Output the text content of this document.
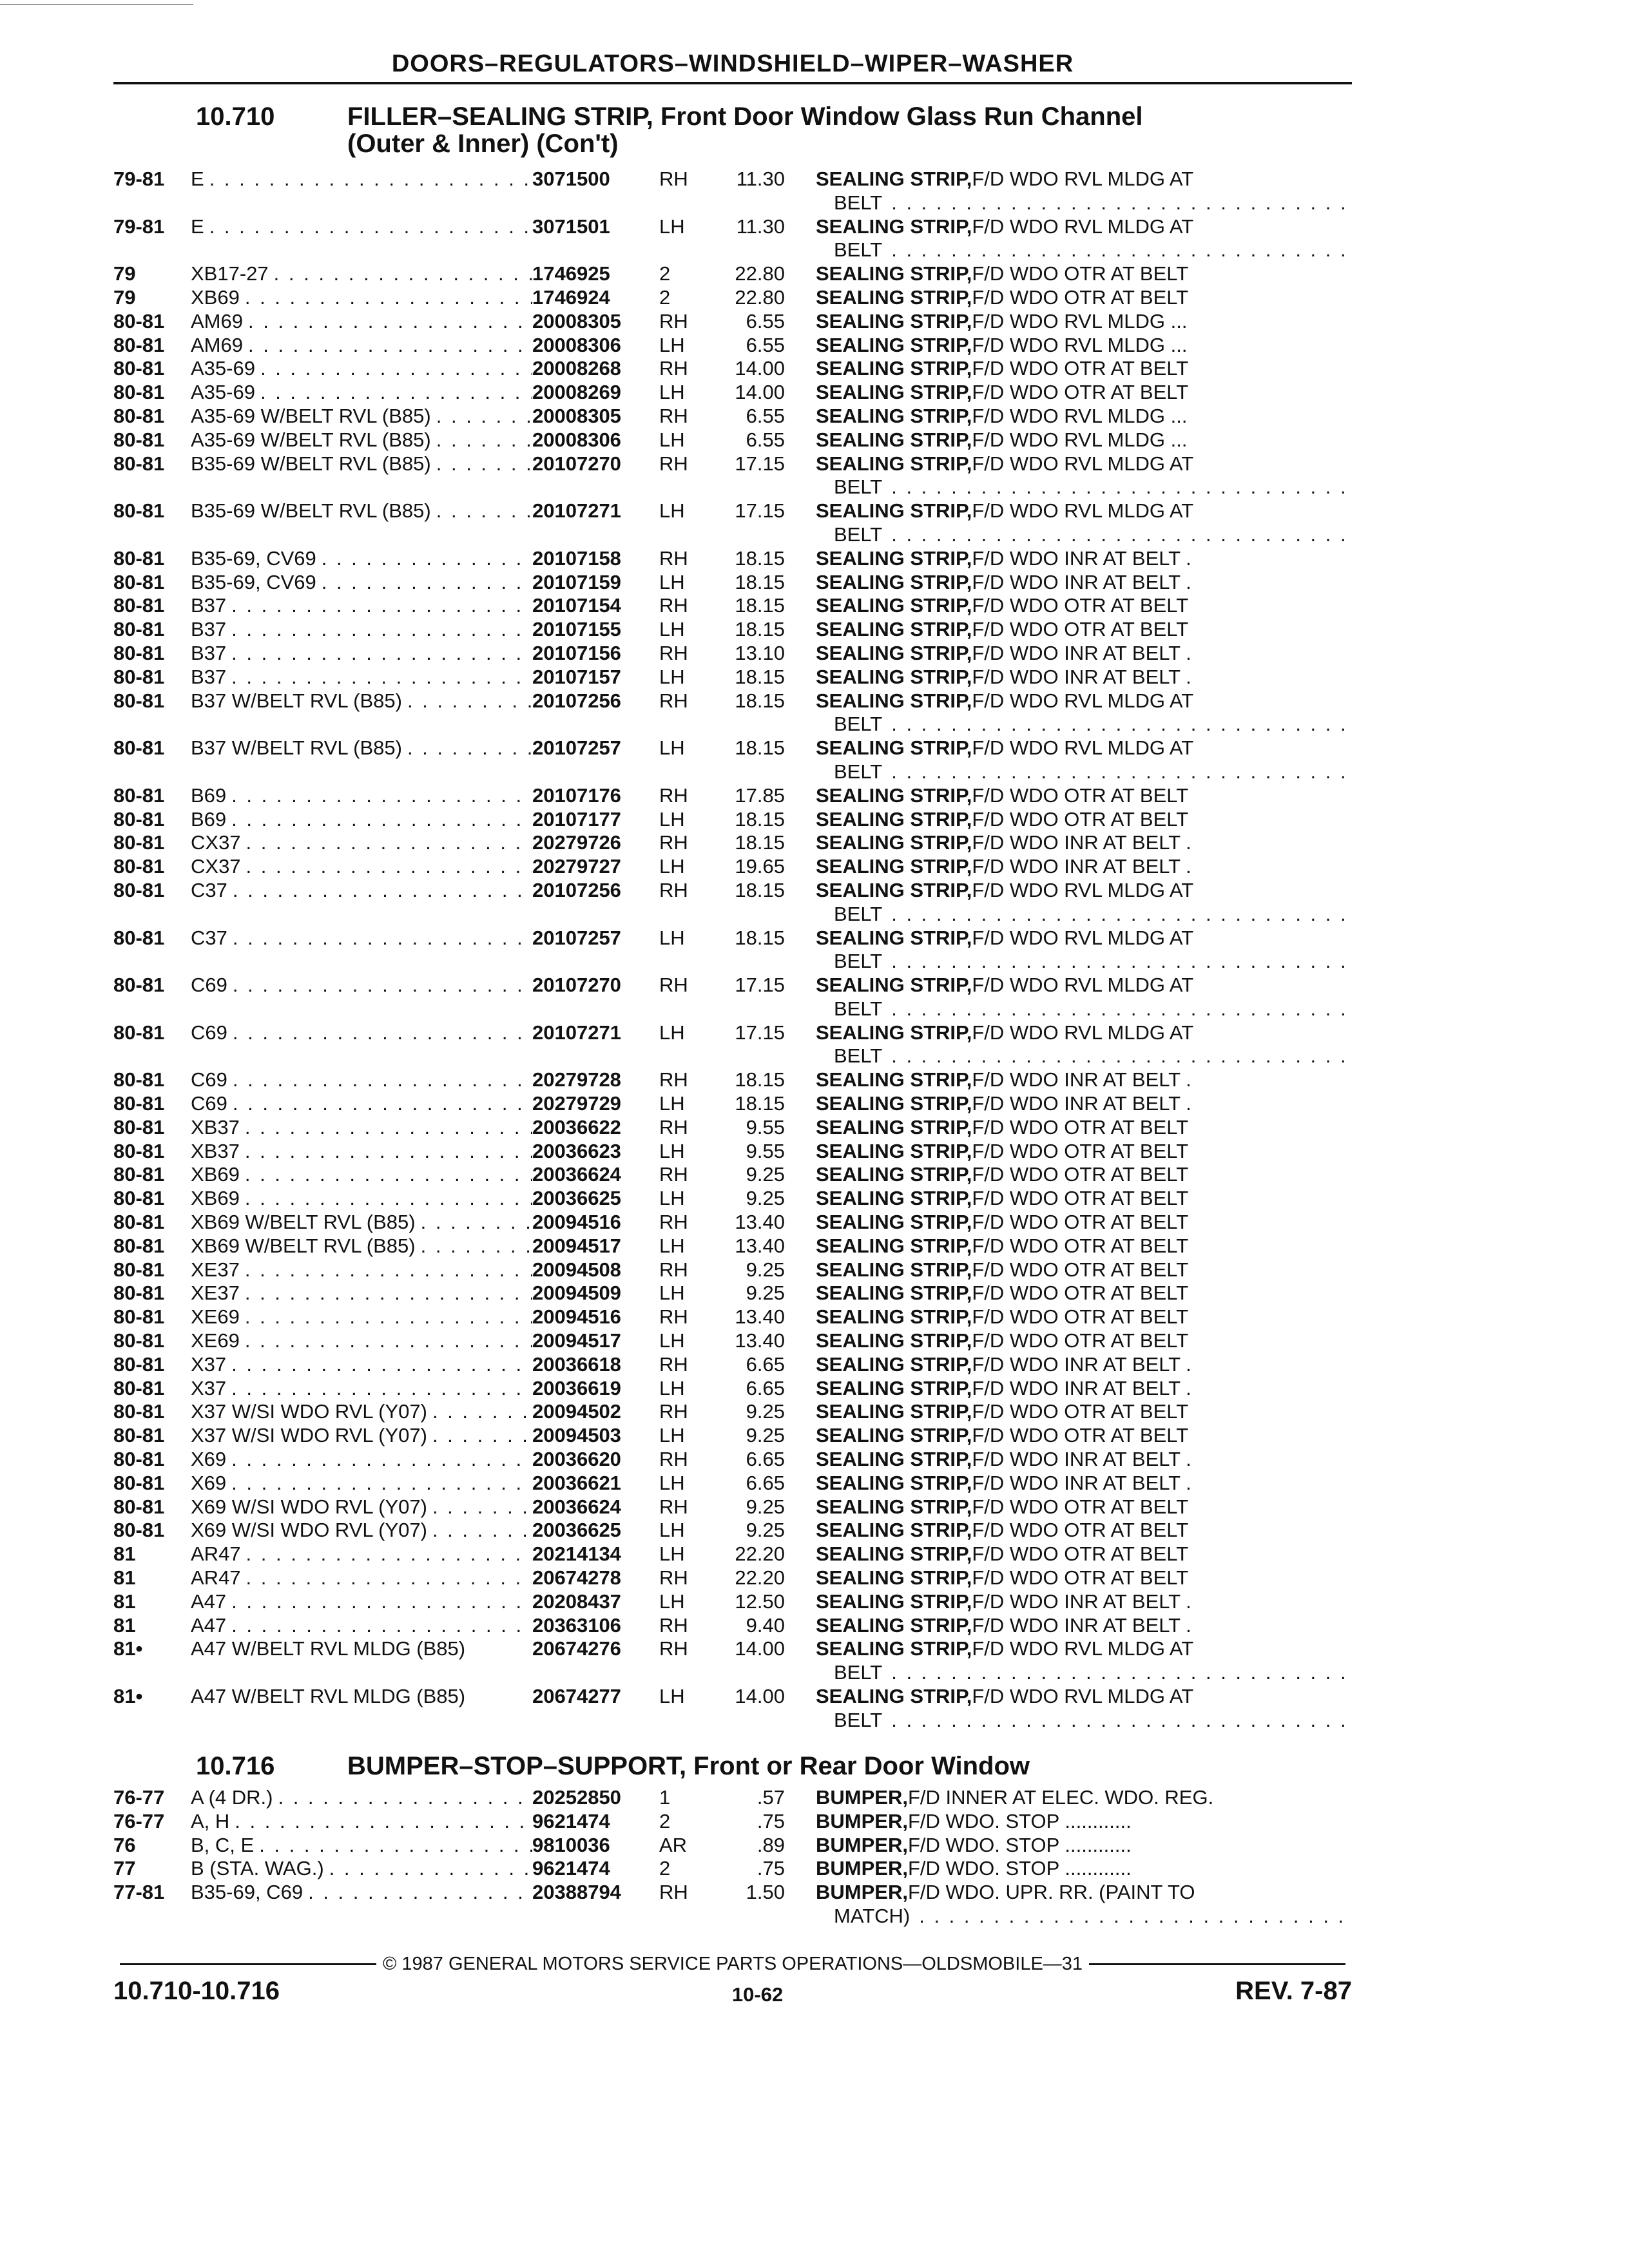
DOORS–REGULATORS–WINDSHIELD–WIPER–WASHER
10.710	FILLER–SEALING STRIP, Front Door Window Glass Run Channel
(Outer & Inner) (Con't)
79-81	E . . .	3071500	RH	11.30 SEALING STRIP, F/D WDO RVL MLDG AT
BELT
. . .
79-81	E . . .	3071501	LH	11.30 SEALING STRIP, F/D WDO RVL MLDG AT
BELT
. . .
79	XB17-27 . . .	1746925	2	22.80 SEALING STRIP, F/D WDO OTR AT BELT
79	XB69 . . .	1746924	2	22.80 SEALING STRIP, F/D WDO OTR AT BELT
80-81	AM69 . . .	20008305	RH	6.55 SEALING STRIP, F/D WDO RVL MLDG ...
80-81	AM69 . . .	20008306	LH	6.55 SEALING STRIP, F/D WDO RVL MLDG ...
80-81	A35-69 . . .	20008268	RH	14.00 SEALING STRIP, F/D WDO OTR AT BELT
80-81	A35-69 . . .	20008269	LH	14.00 SEALING STRIP, F/D WDO OTR AT BELT
80-81	A35-69 W/BELT RVL (B85) . . .	20008305	RH	6.55 SEALING STRIP, F/D WDO RVL MLDG ...
80-81	A35-69 W/BELT RVL (B85) . . .	20008306	LH	6.55 SEALING STRIP, F/D WDO RVL MLDG ...
80-81	B35-69 W/BELT RVL (B85) . . .	20107270	RH	17.15 SEALING STRIP, F/D WDO RVL MLDG AT
BELT
. . .
80-81	B35-69 W/BELT RVL (B85) . . .	20107271	LH	17.15 SEALING STRIP, F/D WDO RVL MLDG AT
BELT
. . .
80-81	B35-69, CV69 . . .	20107158	RH	18.15 SEALING STRIP, F/D WDO INR AT BELT .
80-81	B35-69, CV69 . . .	20107159	LH	18.15 SEALING STRIP, F/D WDO INR AT BELT .
80-81	B37 . . .	20107154	RH	18.15 SEALING STRIP, F/D WDO OTR AT BELT
80-81	B37 . . .	20107155	LH	18.15 SEALING STRIP, F/D WDO OTR AT BELT
80-81	B37 . . .	20107156	RH	13.10 SEALING STRIP, F/D WDO INR AT BELT .
80-81	B37 . . .	20107157	LH	18.15 SEALING STRIP, F/D WDO INR AT BELT .
80-81	B37 W/BELT RVL (B85) . . .	20107256	RH	18.15 SEALING STRIP, F/D WDO RVL MLDG AT
BELT
. . .
80-81	B37 W/BELT RVL (B85) . . .	20107257	LH	18.15 SEALING STRIP, F/D WDO RVL MLDG AT
BELT
. . .
80-81	B69 . . .	20107176	RH	17.85 SEALING STRIP, F/D WDO OTR AT BELT
80-81	B69 . . .	20107177	LH	18.15 SEALING STRIP, F/D WDO OTR AT BELT
80-81	CX37 . . .	20279726	RH	18.15 SEALING STRIP, F/D WDO INR AT BELT .
80-81	CX37 . . .	20279727	LH	19.65 SEALING STRIP, F/D WDO INR AT BELT .
80-81	C37 . . .	20107256	RH	18.15 SEALING STRIP, F/D WDO RVL MLDG AT
BELT
. . .
80-81	C37 . . .	20107257	LH	18.15 SEALING STRIP, F/D WDO RVL MLDG AT
BELT
. . .
80-81	C69 . . .	20107270	RH	17.15 SEALING STRIP, F/D WDO RVL MLDG AT
BELT
. . .
80-81	C69 . . .	20107271	LH	17.15 SEALING STRIP, F/D WDO RVL MLDG AT
BELT
. . .
80-81	C69 . . .	20279728	RH	18.15 SEALING STRIP, F/D WDO INR AT BELT .
80-81	C69 . . .	20279729	LH	18.15 SEALING STRIP, F/D WDO INR AT BELT .
80-81	XB37 . . .	20036622	RH	9.55 SEALING STRIP, F/D WDO OTR AT BELT
80-81	XB37 . . .	20036623	LH	9.55 SEALING STRIP, F/D WDO OTR AT BELT
80-81	XB69 . . .	20036624	RH	9.25 SEALING STRIP, F/D WDO OTR AT BELT
80-81	XB69 . . .	20036625	LH	9.25 SEALING STRIP, F/D WDO OTR AT BELT
80-81	XB69 W/BELT RVL (B85) . . .	20094516	RH	13.40 SEALING STRIP, F/D WDO OTR AT BELT
80-81	XB69 W/BELT RVL (B85) . . .	20094517	LH	13.40 SEALING STRIP, F/D WDO OTR AT BELT
80-81	XE37 . . .	20094508	RH	9.25 SEALING STRIP, F/D WDO OTR AT BELT
80-81	XE37 . . .	20094509	LH	9.25 SEALING STRIP, F/D WDO OTR AT BELT
80-81	XE69 . . .	20094516	RH	13.40 SEALING STRIP, F/D WDO OTR AT BELT
80-81	XE69 . . .	20094517	LH	13.40 SEALING STRIP, F/D WDO OTR AT BELT
80-81	X37 . . .	20036618	RH	6.65 SEALING STRIP, F/D WDO INR AT BELT .
80-81	X37 . . .	20036619	LH	6.65 SEALING STRIP, F/D WDO INR AT BELT .
80-81	X37 W/SI WDO RVL (Y07) . . .	20094502	RH	9.25 SEALING STRIP, F/D WDO OTR AT BELT
80-81	X37 W/SI WDO RVL (Y07) . . .	20094503	LH	9.25 SEALING STRIP, F/D WDO OTR AT BELT
80-81	X69 . . .	20036620	RH	6.65 SEALING STRIP, F/D WDO INR AT BELT .
80-81	X69 . . .	20036621	LH	6.65 SEALING STRIP, F/D WDO INR AT BELT .
80-81	X69 W/SI WDO RVL (Y07) . . .	20036624	RH	9.25 SEALING STRIP, F/D WDO OTR AT BELT
80-81	X69 W/SI WDO RVL (Y07) . . .	20036625	LH	9.25 SEALING STRIP, F/D WDO OTR AT BELT
81	AR47 . . .	20214134	LH	22.20 SEALING STRIP, F/D WDO OTR AT BELT
81	AR47 . . .	20674278	RH	22.20 SEALING STRIP, F/D WDO OTR AT BELT
81	A47 . . .	20208437	LH	12.50 SEALING STRIP, F/D WDO INR AT BELT .
81	A47 . . .	20363106	RH	9.40 SEALING STRIP, F/D WDO INR AT BELT .
81•	A47 W/BELT RVL MLDG (B85)	20674276	RH	14.00 SEALING STRIP, F/D WDO RVL MLDG AT
BELT
. . .
81•	A47 W/BELT RVL MLDG (B85)	20674277	LH	14.00 SEALING STRIP, F/D WDO RVL MLDG AT
BELT
. . .
10.716	BUMPER–STOP–SUPPORT, Front or Rear Door Window
76-77	A (4 DR.) . . .	20252850	1	.57 BUMPER, F/D INNER AT ELEC. WDO. REG.
76-77	A, H . . .	9621474	2	.75 BUMPER, F/D WDO. STOP ............
76	B, C, E . . .	9810036	AR	.89 BUMPER, F/D WDO. STOP ............
77	B (STA. WAG.) . . .	9621474	2	.75 BUMPER, F/D WDO. STOP ............
77-81	B35-69, C69 . . .	20388794	RH	1.50 BUMPER, F/D WDO. UPR. RR. (PAINT TO
MATCH)
. . .
© 1987 GENERAL MOTORS SERVICE PARTS OPERATIONS—OLDSMOBILE—31
10.710-10.716	10-62	REV. 7-87
